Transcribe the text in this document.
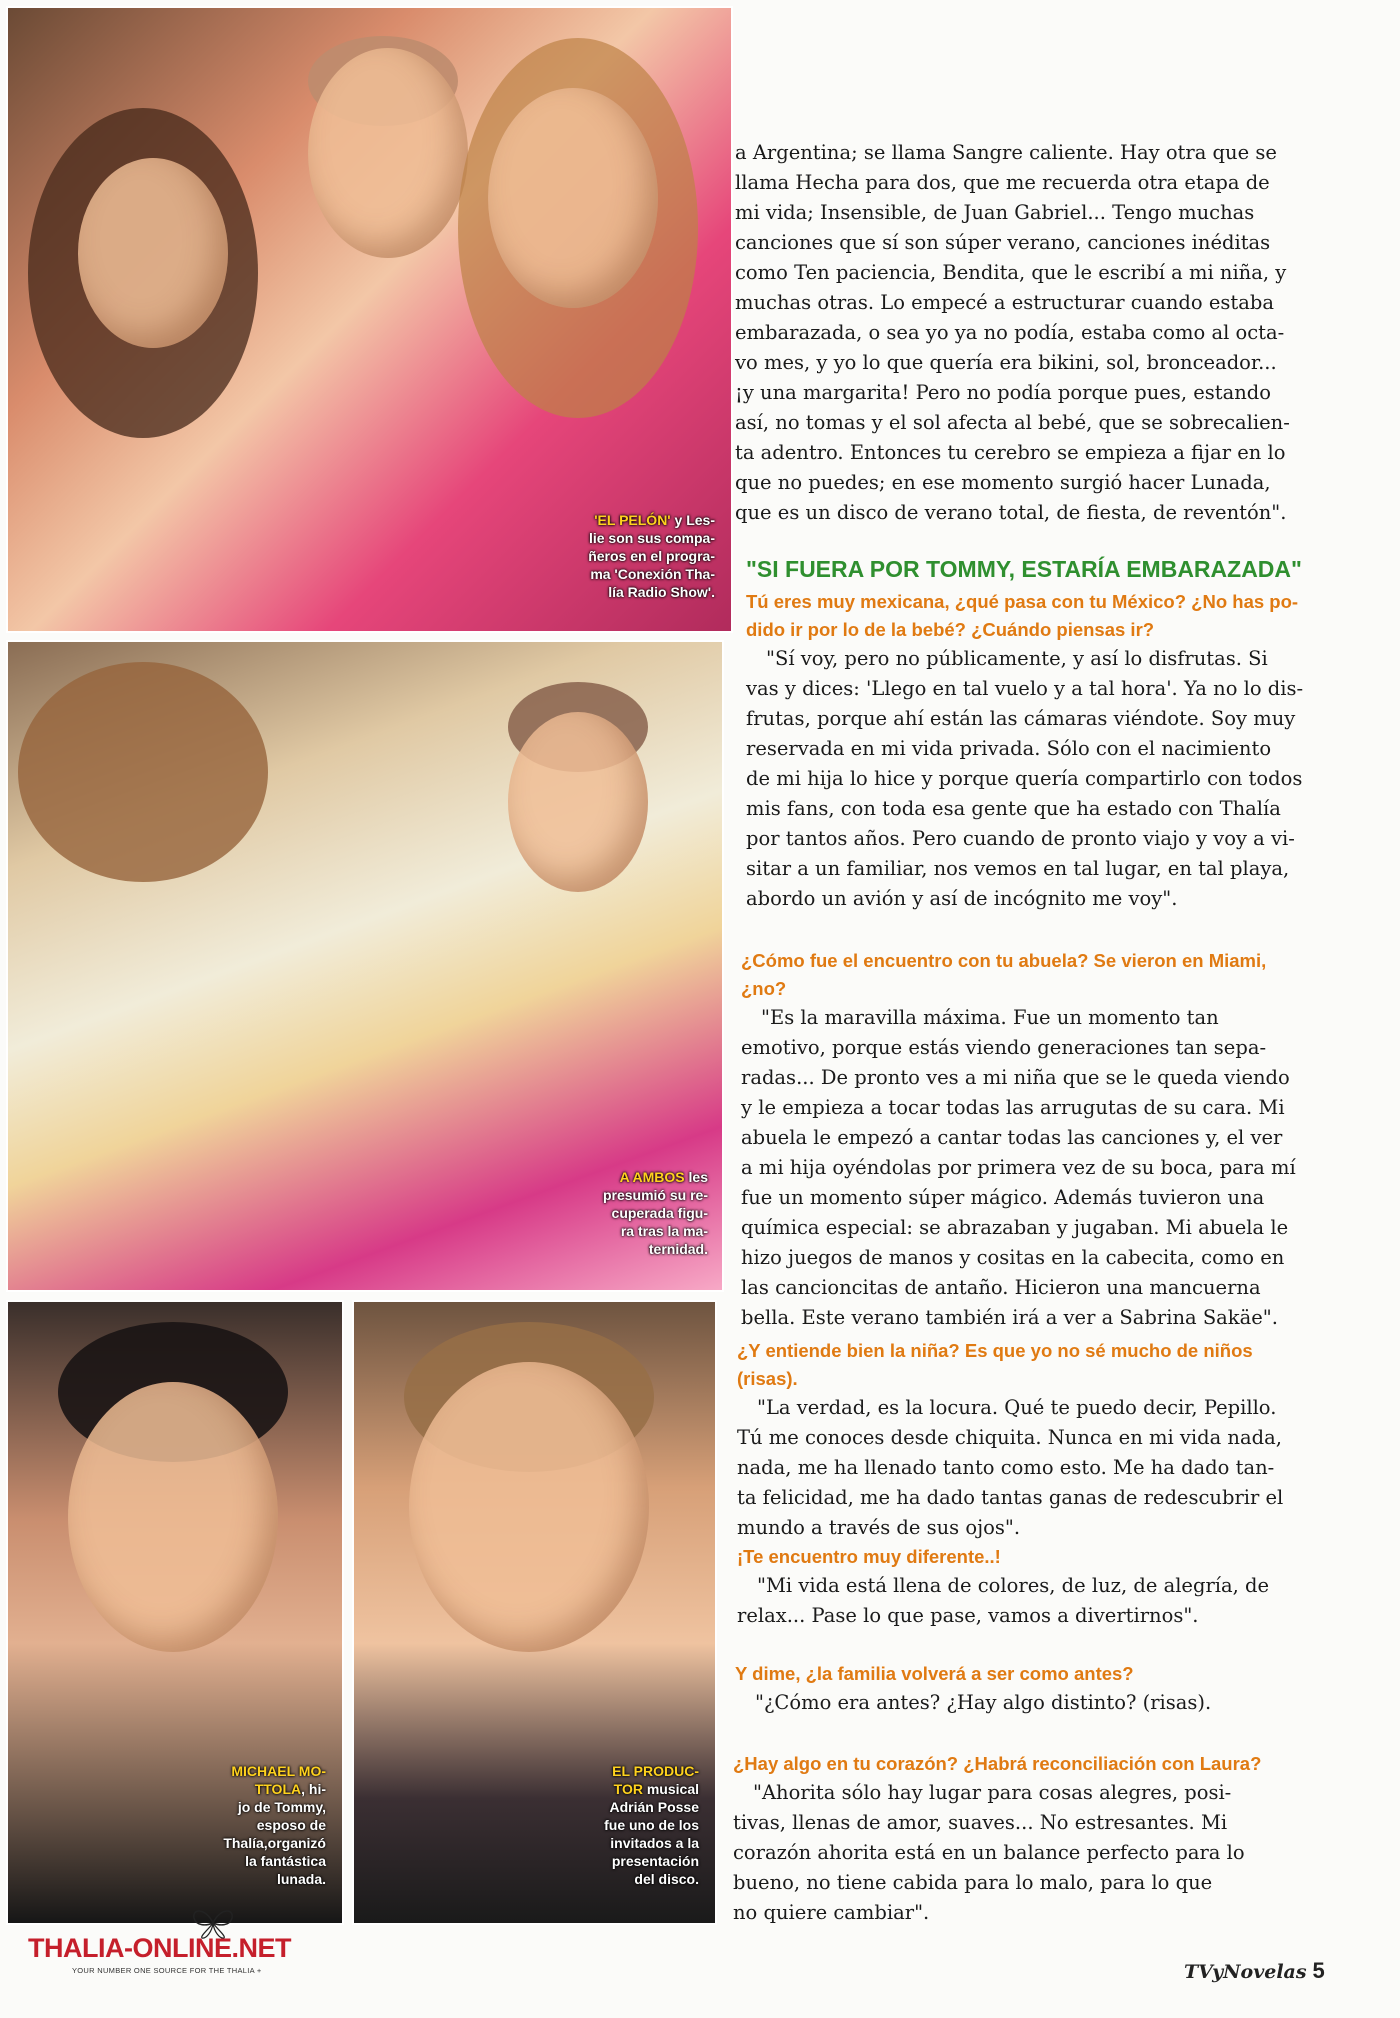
'EL PELÓN' y Les-
lie son sus compa-
ñeros en el progra-
ma 'Conexión Tha-
lía Radio Show'.
A AMBOS les
presumió su re-
cuperada figu-
ra tras la ma-
ternidad.
MICHAEL MO-
TTOLA, hi-
jo de Tommy,
esposo de
Thalía,organizó
la fantástica
lunada.
EL PRODUC-
TOR musical
Adrián Posse
fue uno de los
invitados a la
presentación
del disco.
a Argentina; se llama Sangre caliente. Hay otra que se
llama Hecha para dos, que me recuerda otra etapa de
mi vida; Insensible, de Juan Gabriel... Tengo muchas
canciones que sí son súper verano, canciones inéditas
como Ten paciencia, Bendita, que le escribí a mi niña, y
muchas otras. Lo empecé a estructurar cuando estaba
embarazada, o sea yo ya no podía, estaba como al octa-
vo mes, y yo lo que quería era bikini, sol, bronceador...
¡y una margarita! Pero no podía porque pues, estando
así, no tomas y el sol afecta al bebé, que se sobrecalien-
ta adentro. Entonces tu cerebro se empieza a fijar en lo
que no puedes; en ese momento surgió hacer Lunada,
que es un disco de verano total, de fiesta, de reventón".
"SI FUERA POR TOMMY, ESTARÍA EMBARAZADA"
Tú eres muy mexicana, ¿qué pasa con tu México? ¿No has po-
dido ir por lo de la bebé? ¿Cuándo piensas ir?
"Sí voy, pero no públicamente, y así lo disfrutas. Si
vas y dices: 'Llego en tal vuelo y a tal hora'. Ya no lo dis-
frutas, porque ahí están las cámaras viéndote. Soy muy
reservada en mi vida privada. Sólo con el nacimiento
de mi hija lo hice y porque quería compartirlo con todos
mis fans, con toda esa gente que ha estado con Thalía
por tantos años. Pero cuando de pronto viajo y voy a vi-
sitar a un familiar, nos vemos en tal lugar, en tal playa,
abordo un avión y así de incógnito me voy".
¿Cómo fue el encuentro con tu abuela? Se vieron en Miami, ¿no?
"Es la maravilla máxima. Fue un momento tan
emotivo, porque estás viendo generaciones tan sepa-
radas... De pronto ves a mi niña que se le queda viendo
y le empieza a tocar todas las arrugutas de su cara. Mi
abuela le empezó a cantar todas las canciones y, el ver
a mi hija oyéndolas por primera vez de su boca, para mí
fue un momento súper mágico. Además tuvieron una
química especial: se abrazaban y jugaban. Mi abuela le
hizo juegos de manos y cositas en la cabecita, como en
las cancioncitas de antaño. Hicieron una mancuerna
bella. Este verano también irá a ver a Sabrina Sakäe".
¿Y entiende bien la niña? Es que yo no sé mucho de niños (risas).
"La verdad, es la locura. Qué te puedo decir, Pepillo.
Tú me conoces desde chiquita. Nunca en mi vida nada,
nada, me ha llenado tanto como esto. Me ha dado tan-
ta felicidad, me ha dado tantas ganas de redescubrir el
mundo a través de sus ojos".
¡Te encuentro muy diferente..!
"Mi vida está llena de colores, de luz, de alegría, de
relax... Pase lo que pase, vamos a divertirnos".
Y dime, ¿la familia volverá a ser como antes?
"¿Cómo era antes? ¿Hay algo distinto? (risas).
¿Hay algo en tu corazón? ¿Habrá reconciliación con Laura?
"Ahorita sólo hay lugar para cosas alegres, posi-
tivas, llenas de amor, suaves... No estresantes. Mi
corazón ahorita está en un balance perfecto para lo
bueno, no tiene cabida para lo malo, para lo que
no quiere cambiar".
THALIA-ONLINE.NET
YOUR NUMBER ONE SOURCE FOR THE THALIA +	TVyNovelas 5
